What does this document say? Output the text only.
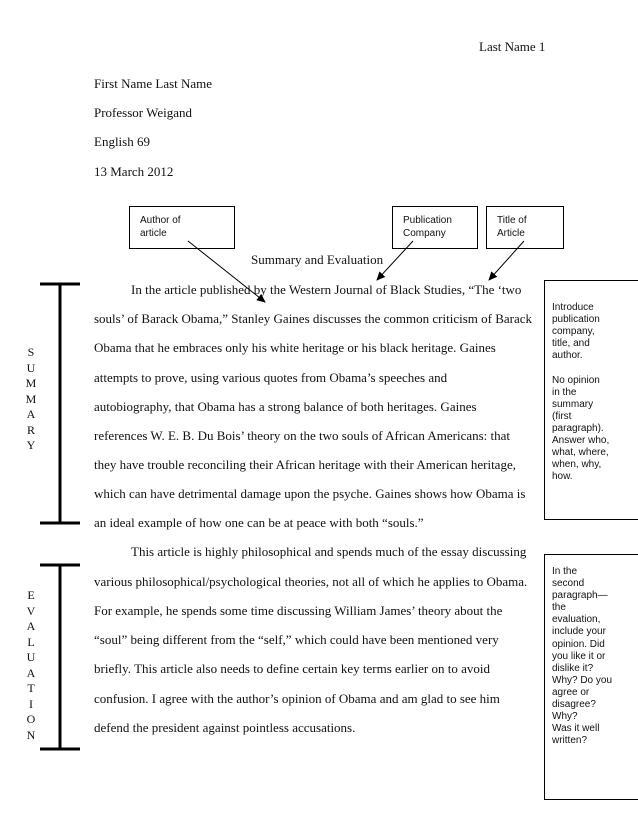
Last Name 1
First Name Last Name
Professor Weigand
English 69
13 March 2012
Author of
article
Publication
Company
Title of
Article
Summary and Evaluation
In the article published by the Western Journal of Black Studies, “The ‘two
souls’ of Barack Obama,” Stanley Gaines discusses the common criticism of Barack
Obama that he embraces only his white heritage or his black heritage. Gaines
attempts to prove, using various quotes from Obama’s speeches and
autobiography, that Obama has a strong balance of both heritages. Gaines
references W. E. B. Du Bois’ theory on the two souls of African Americans: that
they have trouble reconciling their African heritage with their American heritage,
which can have detrimental damage upon the psyche. Gaines shows how Obama is
an ideal example of how one can be at peace with both “souls.”
This article is highly philosophical and spends much of the essay discussing
various philosophical/psychological theories, not all of which he applies to Obama.
For example, he spends some time discussing William James’ theory about the
“soul” being different from the “self,” which could have been mentioned very
briefly. This article also needs to define certain key terms earlier on to avoid
confusion. I agree with the author’s opinion of Obama and am glad to see him
defend the president against pointless accusations.
S
U
M
M
A
R
Y
E
V
A
L
U
A
T
I
O
N
Introduce
publication
company,
title, and
author.

No opinion
in the
summary
(first
paragraph).
Answer who,
what, where,
when, why,
how.
In the
second
paragraph—
the
evaluation,
include your
opinion. Did
you like it or
dislike it?
Why? Do you
agree or
disagree?
Why?
Was it well
written?
